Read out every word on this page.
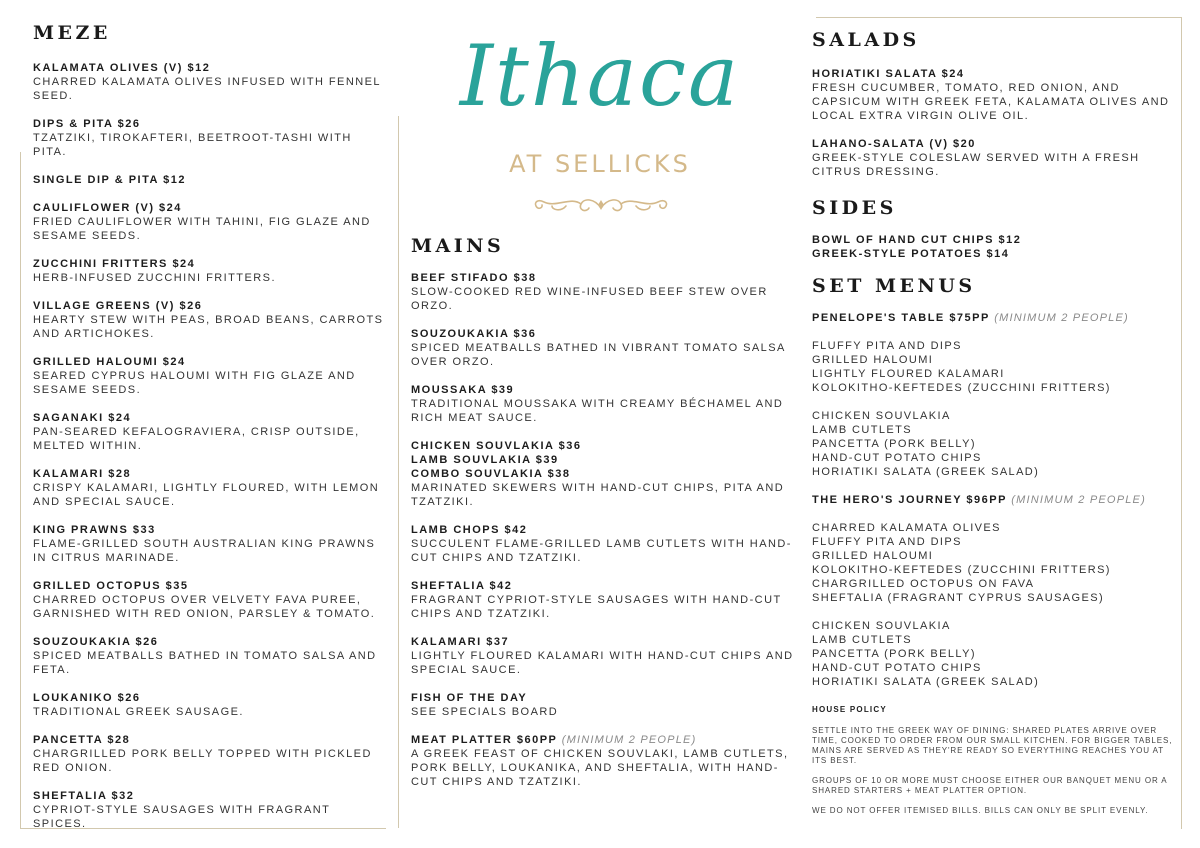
MEZE
KALAMATA OLIVES (V) $12
CHARRED KALAMATA OLIVES INFUSED WITH FENNEL SEED.
DIPS & PITA $26
TZATZIKI, TIROKAFTERI, BEETROOT-TASHI WITH PITA.
SINGLE DIP & PITA $12
CAULIFLOWER (V) $24
FRIED CAULIFLOWER WITH TAHINI, FIG GLAZE AND SESAME SEEDS.
ZUCCHINI FRITTERS $24
HERB-INFUSED ZUCCHINI FRITTERS.
VILLAGE GREENS (V) $26
HEARTY STEW WITH PEAS, BROAD BEANS, CARROTS AND ARTICHOKES.
GRILLED HALOUMI $24
SEARED CYPRUS HALOUMI WITH FIG GLAZE AND SESAME SEEDS.
SAGANAKI $24
PAN-SEARED KEFALOGRAVIERA, CRISP OUTSIDE, MELTED WITHIN.
KALAMARI $28
CRISPY KALAMARI, LIGHTLY FLOURED, WITH LEMON AND SPECIAL SAUCE.
KING PRAWNS $33
FLAME-GRILLED SOUTH AUSTRALIAN KING PRAWNS IN CITRUS MARINADE.
GRILLED OCTOPUS $35
CHARRED OCTOPUS OVER VELVETY FAVA PUREE, GARNISHED WITH RED ONION, PARSLEY & TOMATO.
SOUZOUKAKIA $26
SPICED MEATBALLS BATHED IN TOMATO SALSA AND FETA.
LOUKANIKO $26
TRADITIONAL GREEK SAUSAGE.
PANCETTA $28
CHARGRILLED PORK BELLY TOPPED WITH PICKLED RED ONION.
SHEFTALIA $32
CYPRIOT-STYLE SAUSAGES WITH FRAGRANT SPICES.
Ithaca
AT SELLICKS
MAINS
BEEF STIFADO $38
SLOW-COOKED RED WINE-INFUSED BEEF STEW OVER ORZO.
SOUZOUKAKIA $36
SPICED MEATBALLS BATHED IN VIBRANT TOMATO SALSA OVER ORZO.
MOUSSAKA $39
TRADITIONAL MOUSSAKA WITH CREAMY BÉCHAMEL AND RICH MEAT SAUCE.
CHICKEN SOUVLAKIA $36
LAMB SOUVLAKIA $39
COMBO SOUVLAKIA $38
MARINATED SKEWERS WITH HAND-CUT CHIPS, PITA AND TZATZIKI.
LAMB CHOPS $42
SUCCULENT FLAME-GRILLED LAMB CUTLETS WITH HAND-CUT CHIPS AND TZATZIKI.
SHEFTALIA $42
FRAGRANT CYPRIOT-STYLE SAUSAGES WITH HAND-CUT CHIPS AND TZATZIKI.
KALAMARI $37
LIGHTLY FLOURED KALAMARI WITH HAND-CUT CHIPS AND SPECIAL SAUCE.
FISH OF THE DAY
SEE SPECIALS BOARD
MEAT PLATTER $60PP (MINIMUM 2 PEOPLE)
A GREEK FEAST OF CHICKEN SOUVLAKI, LAMB CUTLETS, PORK BELLY, LOUKANIKA, AND SHEFTALIA, WITH HAND-CUT CHIPS AND TZATZIKI.
SALADS
HORIATIKI SALATA $24
FRESH CUCUMBER, TOMATO, RED ONION, AND CAPSICUM WITH GREEK FETA, KALAMATA OLIVES AND LOCAL EXTRA VIRGIN OLIVE OIL.
LAHANO-SALATA (V) $20
GREEK-STYLE COLESLAW SERVED WITH A FRESH CITRUS DRESSING.
SIDES
BOWL OF HAND CUT CHIPS $12
GREEK-STYLE POTATOES $14
SET MENUS
PENELOPE'S TABLE $75PP (MINIMUM 2 PEOPLE)
FLUFFY PITA AND DIPS
GRILLED HALOUMI
LIGHTLY FLOURED KALAMARI
KOLOKITHO-KEFTEDES (ZUCCHINI FRITTERS)
CHICKEN SOUVLAKIA
LAMB CUTLETS
PANCETTA (PORK BELLY)
HAND-CUT POTATO CHIPS
HORIATIKI SALATA (GREEK SALAD)
THE HERO'S JOURNEY $96PP (MINIMUM 2 PEOPLE)
CHARRED KALAMATA OLIVES
FLUFFY PITA AND DIPS
GRILLED HALOUMI
KOLOKITHO-KEFTEDES (ZUCCHINI FRITTERS)
CHARGRILLED OCTOPUS ON FAVA
SHEFTALIA (FRAGRANT CYPRUS SAUSAGES)
CHICKEN SOUVLAKIA
LAMB CUTLETS
PANCETTA (PORK BELLY)
HAND-CUT POTATO CHIPS
HORIATIKI SALATA (GREEK SALAD)
HOUSE POLICY
SETTLE INTO THE GREEK WAY OF DINING: SHARED PLATES ARRIVE OVER TIME, COOKED TO ORDER FROM OUR SMALL KITCHEN. FOR BIGGER TABLES, MAINS ARE SERVED AS THEY'RE READY SO EVERYTHING REACHES YOU AT ITS BEST.
GROUPS OF 10 OR MORE MUST CHOOSE EITHER OUR BANQUET MENU OR A SHARED STARTERS + MEAT PLATTER OPTION.
WE DO NOT OFFER ITEMISED BILLS. BILLS CAN ONLY BE SPLIT EVENLY.
